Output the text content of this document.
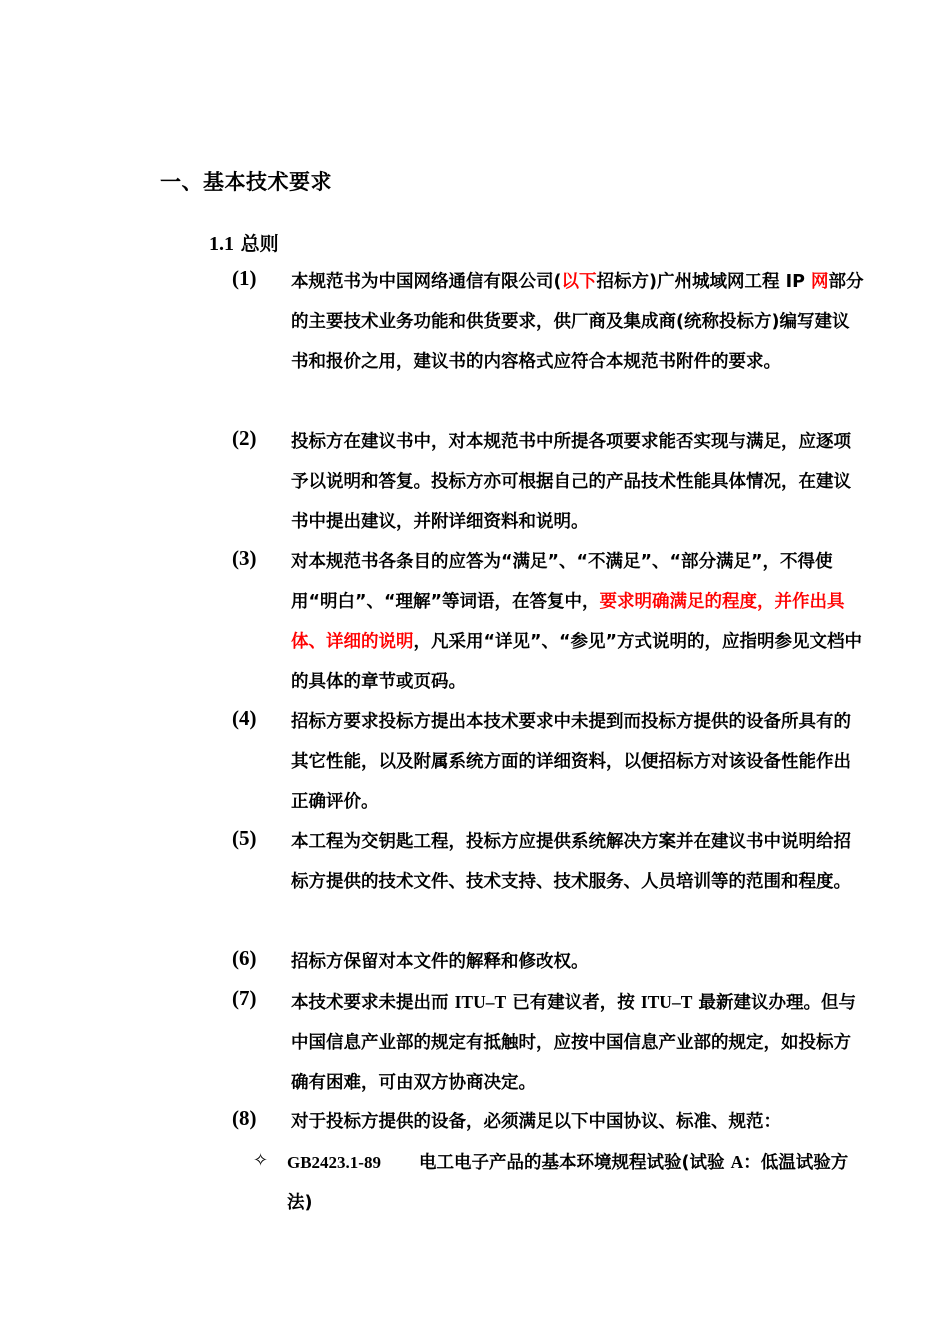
一、基本技术要求
1.1 总则
(1) 本规范书为中国网络通信有限公司(以下招标方)广州城域网工程 IP 网部分的主要技术业务功能和供货要求，供厂商及集成商(统称投标方)编写建议书和报价之用，建议书的内容格式应符合本规范书附件的要求。
(2) 投标方在建议书中，对本规范书中所提各项要求能否实现与满足，应逐项予以说明和答复。投标方亦可根据自己的产品技术性能具体情况，在建议书中提出建议，并附详细资料和说明。
(3) 对本规范书各条目的应答为“满足”、“不满足”、“部分满足”，不得使用“明白”、“理解”等词语，在答复中，要求明确满足的程度，并作出具体、详细的说明，凡采用“详见”、“参见”方式说明的，应指明参见文档中的具体的章节或页码。
(4) 招标方要求投标方提出本技术要求中未提到而投标方提供的设备所具有的其它性能，以及附属系统方面的详细资料，以便招标方对该设备性能作出正确评价。
(5) 本工程为交钥匙工程，投标方应提供系统解决方案并在建议书中说明给招标方提供的技术文件、技术支持、技术服务、人员培训等的范围和程度。
(6) 招标方保留对本文件的解释和修改权。
(7) 本技术要求未提出而 ITU–T 已有建议者，按 ITU–T 最新建议办理。但与中国信息产业部的规定有抵触时，应按中国信息产业部的规定，如投标方确有困难，可由双方协商决定。
(8) 对于投标方提供的设备，必须满足以下中国协议、标准、规范：
✧ GB2423.1-89 电工电子产品的基本环境规程试验(试验 A：低温试验方法)
